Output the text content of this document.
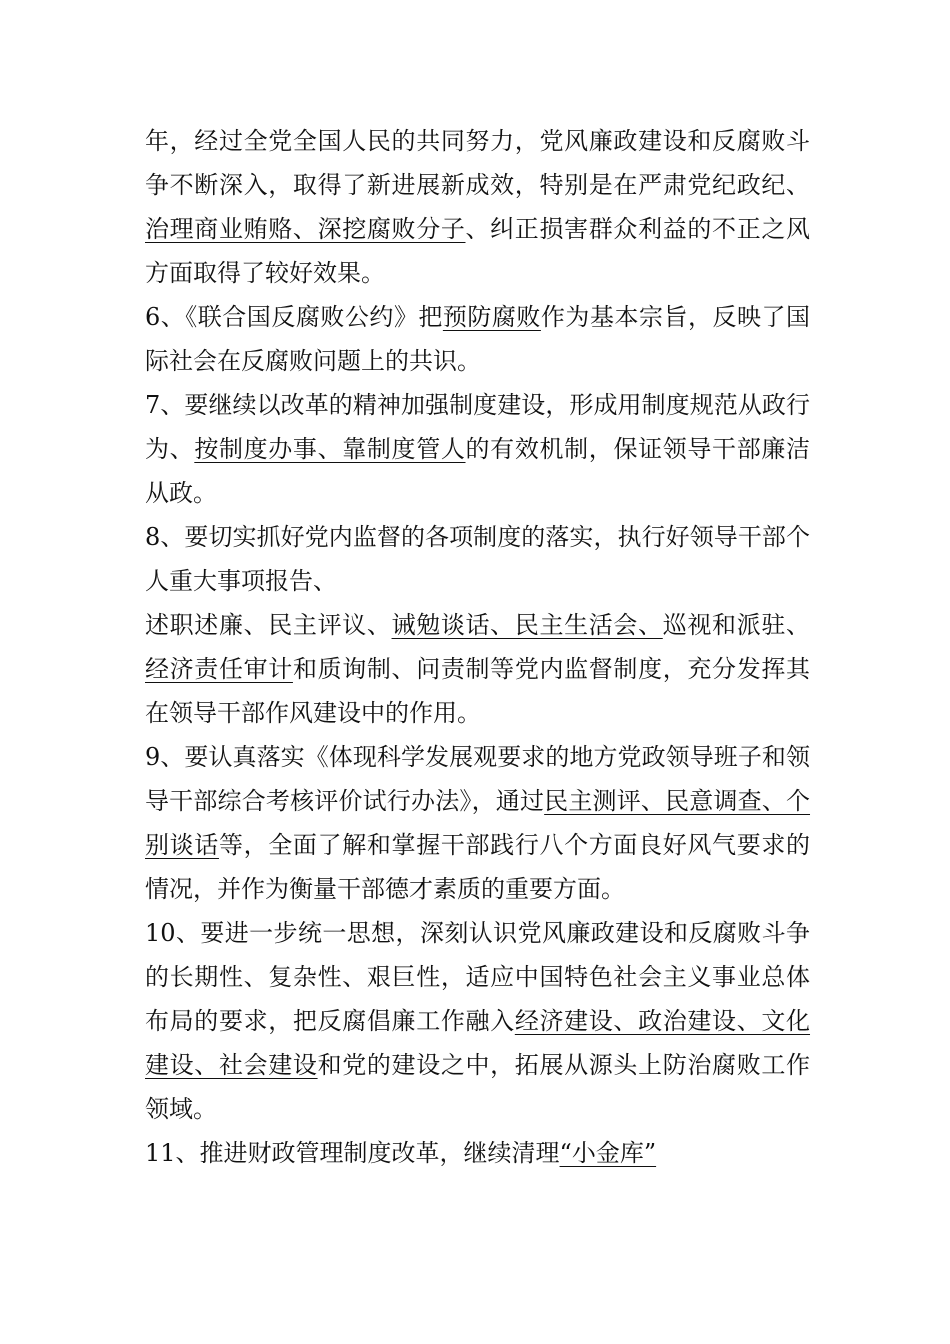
年，经过全党全国人民的共同努力，党风廉政建设和反腐败斗争不断深入，取得了新进展新成效，特别是在严肃党纪政纪、治理商业贿赂、深挖腐败分子、纠正损害群众利益的不正之风方面取得了较好效果。

6、《联合国反腐败公约》把预防腐败作为基本宗旨，反映了国际社会在反腐败问题上的共识。

7、要继续以改革的精神加强制度建设，形成用制度规范从政行为、按制度办事、靠制度管人的有效机制，保证领导干部廉洁从政。

8、要切实抓好党内监督的各项制度的落实，执行好领导干部个人重大事项报告、

述职述廉、民主评议、诫勉谈话、民主生活会、巡视和派驻、经济责任审计和质询制、问责制等党内监督制度，充分发挥其在领导干部作风建设中的作用。

9、要认真落实《体现科学发展观要求的地方党政领导班子和领导干部综合考核评价试行办法》，通过民主测评、民意调查、个别谈话等，全面了解和掌握干部践行八个方面良好风气要求的情况，并作为衡量干部德才素质的重要方面。

10、要进一步统一思想，深刻认识党风廉政建设和反腐败斗争的长期性、复杂性、艰巨性，适应中国特色社会主义事业总体布局的要求，把反腐倡廉工作融入经济建设、政治建设、文化建设、社会建设和党的建设之中，拓展从源头上防治腐败工作领域。

11、推进财政管理制度改革，继续清理“小金库”
